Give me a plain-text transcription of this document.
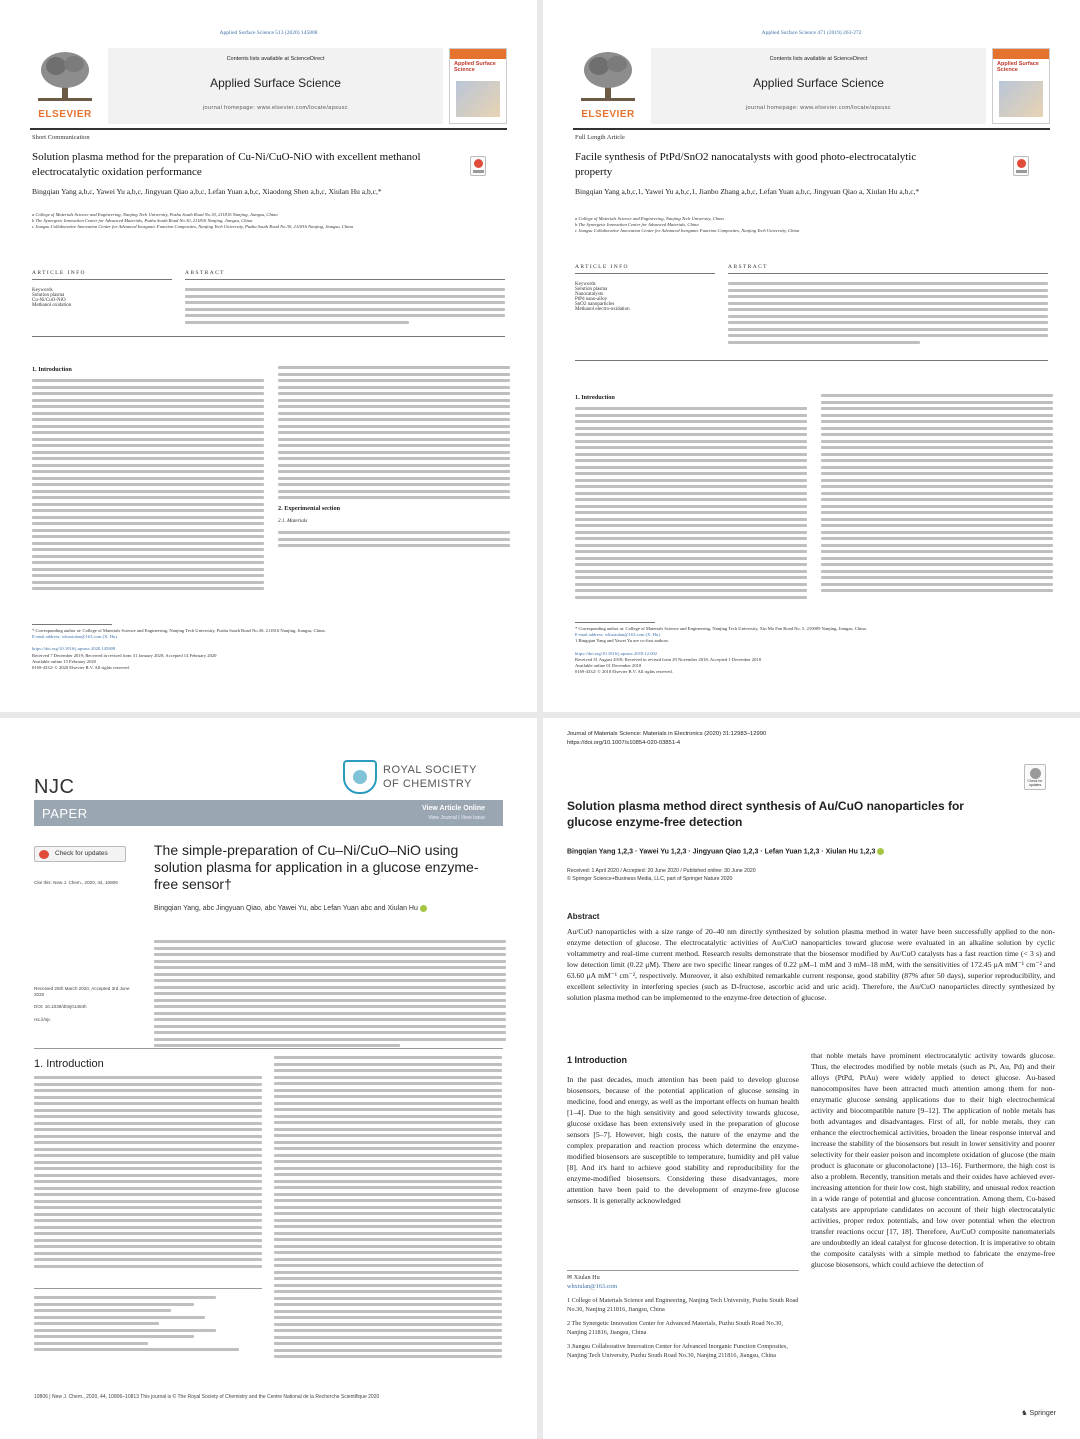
Applied Surface Science 513 (2020) 145808
ELSEVIER
Contents lists available at ScienceDirect
Applied Surface Science
journal homepage: www.elsevier.com/locate/apsusc
Applied Surface Science
Short Communication
Solution plasma method for the preparation of Cu-Ni/CuO-NiO with excellent methanol electrocatalytic oxidation performance
Bingqian Yang a,b,c, Yawei Yu a,b,c, Jingyuan Qiao a,b,c, Lefan Yuan a,b,c, Xiaodong Shen a,b,c, Xiulan Hu a,b,c,*
a College of Materials Science and Engineering, Nanjing Tech University, Puzhu South Road No.30, 211816 Nanjing, Jiangsu, China
b The Synergetic Innovation Center for Advanced Materials, Puzhu South Road No.30, 211816 Nanjing, Jiangsu, China
c Jiangsu Collaborative Innovation Center for Advanced Inorganic Function Composites, Nanjing Tech University, Puzhu South Road No.30, 211816 Nanjing, Jiangsu, China
ARTICLE INFO
Keywords
Solution plasma
Cu-Ni/CuO-NiO
Methanol oxidation
ABSTRACT
1. Introduction
2. Experimental section
2.1. Materials
* Corresponding author at: College of Materials Science and Engineering, Nanjing Tech University, Puzhu South Road No.30, 211816 Nanjing, Jiangsu, China.
E-mail address: whuxiulan@163.com (X. Hu).
https://doi.org/10.1016/j.apsusc.2020.145808
Received 7 December 2019; Received in revised form 31 January 2020; Accepted 14 February 2020
Available online 15 February 2020
0169-4332/ © 2020 Elsevier B.V. All rights reserved.
Applied Surface Science 471 (2019) 263-272
ELSEVIER
Contents lists available at ScienceDirect
Applied Surface Science
journal homepage: www.elsevier.com/locate/apsusc
Applied Surface Science
Full Length Article
Facile synthesis of PtPd/SnO2 nanocatalysts with good photo-electrocatalytic property
Bingqian Yang a,b,c,1, Yawei Yu a,b,c,1, Jianbo Zhang a,b,c, Lefan Yuan a,b,c, Jingyuan Qiao a, Xiulan Hu a,b,c,*
a College of Materials Science and Engineering, Nanjing Tech University, China
b The Synergetic Innovation Center for Advanced Materials, China
c Jiangsu Collaborative Innovation Center for Advanced Inorganic Function Composites, Nanjing Tech University, China
ARTICLE INFO
Keywords
Solution plasma
Nanocatalysts
PtPd nano-alloy
SnO2 nanoparticles
Methanol electro-oxidation
ABSTRACT
1. Introduction
* Corresponding author at: College of Materials Science and Engineering, Nanjing Tech University, Xin Mo Fan Road No. 5, 210009 Nanjing, Jiangsu, China.
E-mail address: whuxiulan@163.com (X. Hu).
1 Bingqian Yang and Yawei Yu are co-first authors.
https://doi.org/10.1016/j.apsusc.2018.12.002
Received 31 August 2018; Received in revised form 29 November 2018; Accepted 1 December 2018
Available online 01 December 2018
0169-4332/ © 2018 Elsevier B.V. All rights reserved.
NJC
ROYAL SOCIETY
OF CHEMISTRY
PAPER	View Article Online
View Journal | View Issue
Check for updates	The simple-preparation of Cu–Ni/CuO–NiO using solution plasma for application in a glucose enzyme-free sensor†
Bingqian Yang, abc Jingyuan Qiao, abc Yawei Yu, abc Lefan Yuan abc and Xiulan Hu
Cite this: New J. Chem., 2020, 44, 10806
Received 25th March 2020, Accepted 3rd June 2020
DOI: 10.1039/d0nj01484h
rsc.li/njc
1. Introduction
10806 | New J. Chem., 2020, 44, 10806–10813 This journal is © The Royal Society of Chemistry and the Centre National de la Recherche Scientifique 2020
Journal of Materials Science: Materials in Electronics (2020) 31:12983–12990
https://doi.org/10.1007/s10854-020-03851-4
Check for updates
Solution plasma method direct synthesis of Au/CuO nanoparticles for glucose enzyme-free detection
Bingqian Yang 1,2,3 · Yawei Yu 1,2,3 · Jingyuan Qiao 1,2,3 · Lefan Yuan 1,2,3 · Xiulan Hu 1,2,3
Received: 1 April 2020 / Accepted: 20 June 2020 / Published online: 30 June 2020
© Springer Science+Business Media, LLC, part of Springer Nature 2020
Abstract
Au/CuO nanoparticles with a size range of 20–40 nm directly synthesized by solution plasma method in water have been successfully applied to the non-enzyme detection of glucose. The electrocatalytic activities of Au/CuO nanoparticles toward glucose were evaluated in an alkaline solution by cyclic voltammetry and real-time current method. Research results demonstrate that the biosensor modified by Au/CuO catalysts has a fast reaction time (< 3 s) and low detection limit (0.22 μM). There are two specific linear ranges of 0.22 μM–1 mM and 3 mM–18 mM, with the sensitivities of 172.45 μA mM⁻¹ cm⁻² and 63.60 μA mM⁻¹ cm⁻², respectively. Moreover, it also exhibited remarkable current response, good stability (87% after 50 days), superior reproducibility, and excellent selectivity in interfering species (such as D-fructose, ascorbic acid and uric acid). Therefore, the Au/CuO nanoparticles directly synthesized by solution plasma method can be implemented to the enzyme-free detection of glucose.
1 Introduction
In the past decades, much attention has been paid to develop glucose biosensors, because of the potential application of glucose sensing in medicine, food and energy, as well as the important effects on human health [1–4]. Due to the high sensitivity and good selectivity towards glucose, glucose oxidase has been extensively used in the preparation of glucose sensors [5–7]. However, high costs, the nature of the enzyme and the complex preparation and reaction process which determine the enzyme-modified biosensors are susceptible to temperature, humidity and pH value [8]. And it's hard to achieve good stability and reproducibility for the enzyme-modified biosensors. Considering these disadvantages, more attention have been paid to the development of enzyme-free glucose sensors. It is generally acknowledged
that noble metals have prominent electrocatalytic activity towards glucose. Thus, the electrodes modified by noble metals (such as Pt, Au, Pd) and their alloys (PtPd, PtAu) were widely applied to detect glucose. Au-based nanocomposites have been attracted much attention among them for non-enzymatic glucose sensing applications due to their high electrochemical activity and biocompatible nature [9–12]. The application of noble metals has both advantages and disadvantages. First of all, for noble metals, they can enhance the electrochemical activities, broaden the linear response interval and increase the stability of the biosensors but result in lower sensitivity and poorer selectivity for their easier poison and incomplete oxidation of glucose (the main product is gluconate or gluconolactone) [13–16]. Furthermore, the high cost is also a problem. Recently, transition metals and their oxides have achieved ever-increasing attention for their low cost, high stability, and unusual redox reaction in a wide range of potential and glucose concentration. Among them, Cu-based catalysts are appropriate candidates on account of their high electrocatalytic activities, proper redox potentials, and low over potential when the electron transfer reactions occur [17, 18]. Therefore, Au/CuO composite nanomaterials are undoubtedly an ideal catalyst for glucose detection. It is imperative to obtain the composite catalysts with a simple method to fabricate the enzyme-free glucose biosensors, which could achieve the detection of
✉ Xiulan Hu
whxiulan@163.com
1 College of Materials Science and Engineering, Nanjing Tech University, Puzhu South Road No.30, Nanjing 211816, Jiangsu, China
2 The Synergetic Innovation Center for Advanced Materials, Puzhu South Road No.30, Nanjing 211816, Jiangsu, China
3 Jiangsu Collaborative Innovation Center for Advanced Inorganic Function Composites, Nanjing Tech University, Puzhu South Road No.30, Nanjing 211816, Jiangsu, China
♞ Springer
